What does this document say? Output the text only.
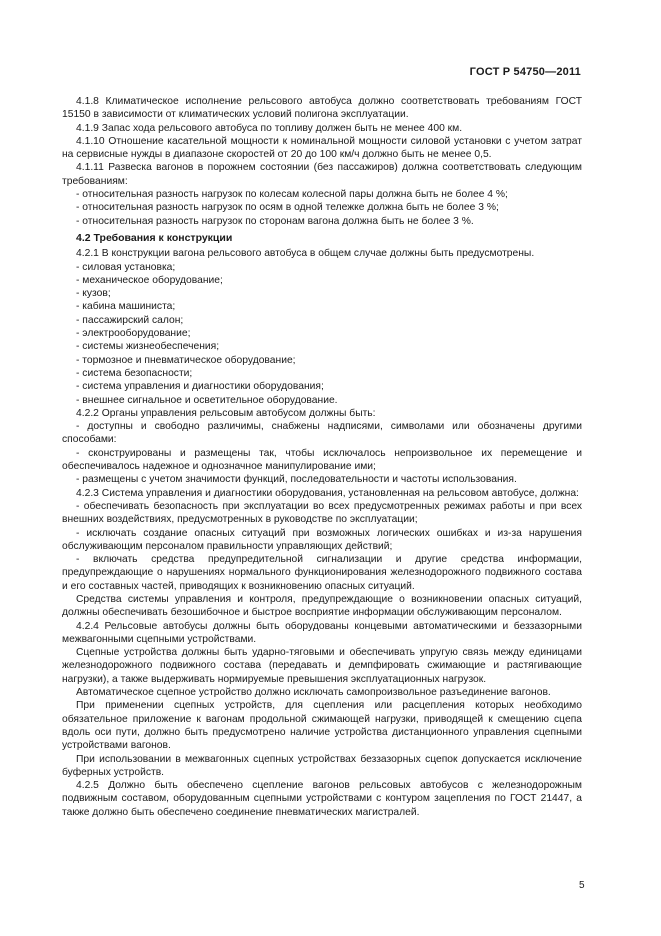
ГОСТ Р 54750—2011

4.1.8 Климатическое исполнение рельсового автобуса должно соответствовать требованиям ГОСТ 15150 в зависимости от климатических условий полигона эксплуатации.

4.1.9 Запас хода рельсового автобуса по топливу должен быть не менее 400 км.

4.1.10 Отношение касательной мощности к номинальной мощности силовой установки с учетом затрат на сервисные нужды в диапазоне скоростей от 20 до 100 км/ч должно быть не менее 0,5.

4.1.11 Развеска вагонов в порожнем состоянии (без пассажиров) должна соответствовать следующим требованиям:

- относительная разность нагрузок по колесам колесной пары должна быть не более 4 %;

- относительная разность нагрузок по осям в одной тележке должна быть не более 3 %;

- относительная разность нагрузок по сторонам вагона должна быть не более 3 %.

4.2 Требования к конструкции

4.2.1 В конструкции вагона рельсового автобуса в общем случае должны быть предусмотрены.

- силовая установка;

- механическое оборудование;

- кузов;

- кабина машиниста;

- пассажирский салон;

- электрооборудование;

- системы жизнеобеспечения;

- тормозное и пневматическое оборудование;

- система безопасности;

- система управления и диагностики оборудования;

- внешнее сигнальное и осветительное оборудование.

4.2.2 Органы управления рельсовым автобусом должны быть:

- доступны и свободно различимы, снабжены надписями, символами или обозначены другими способами:

- сконструированы и размещены так, чтобы исключалось непроизвольное их перемещение и обеспечивалось надежное и однозначное манипулирование ими;

- размещены с учетом значимости функций, последовательности и частоты использования.

4.2.3 Система управления и диагностики оборудования, установленная на рельсовом автобусе, должна:

- обеспечивать безопасность при эксплуатации во всех предусмотренных режимах работы и при всех внешних воздействиях, предусмотренных в руководстве по эксплуатации;

- исключать создание опасных ситуаций при возможных логических ошибках и из-за нарушения обслуживающим персоналом правильности управляющих действий;

- включать средства предупредительной сигнализации и другие средства информации, предупреждающие о нарушениях нормального функционирования железнодорожного подвижного состава и его составных частей, приводящих к возникновению опасных ситуаций.

Средства системы управления и контроля, предупреждающие о возникновении опасных ситуаций, должны обеспечивать безошибочное и быстрое восприятие информации обслуживающим персоналом.

4.2.4 Рельсовые автобусы должны быть оборудованы концевыми автоматическими и беззазорными межвагонными сцепными устройствами.

Сцепные устройства должны быть ударно-тяговыми и обеспечивать упругую связь между единицами железнодорожного подвижного состава (передавать и демпфировать сжимающие и растягивающие нагрузки), а также выдерживать нормируемые превышения эксплуатационных нагрузок.

Автоматическое сцепное устройство должно исключать самопроизвольное разъединение вагонов.

При применении сцепных устройств, для сцепления или расцепления которых необходимо обязательное приложение к вагонам продольной сжимающей нагрузки, приводящей к смещению сцепа вдоль оси пути, должно быть предусмотрено наличие устройства дистанционного управления сцепными устройствами вагонов.

При использовании в межвагонных сцепных устройствах беззазорных сцепок допускается исключение буферных устройств.

4.2.5 Должно быть обеспечено сцепление вагонов рельсовых автобусов с железнодорожным подвижным составом, оборудованным сцепными устройствами с контуром зацепления по ГОСТ 21447, а также должно быть обеспечено соединение пневматических магистралей.

5
